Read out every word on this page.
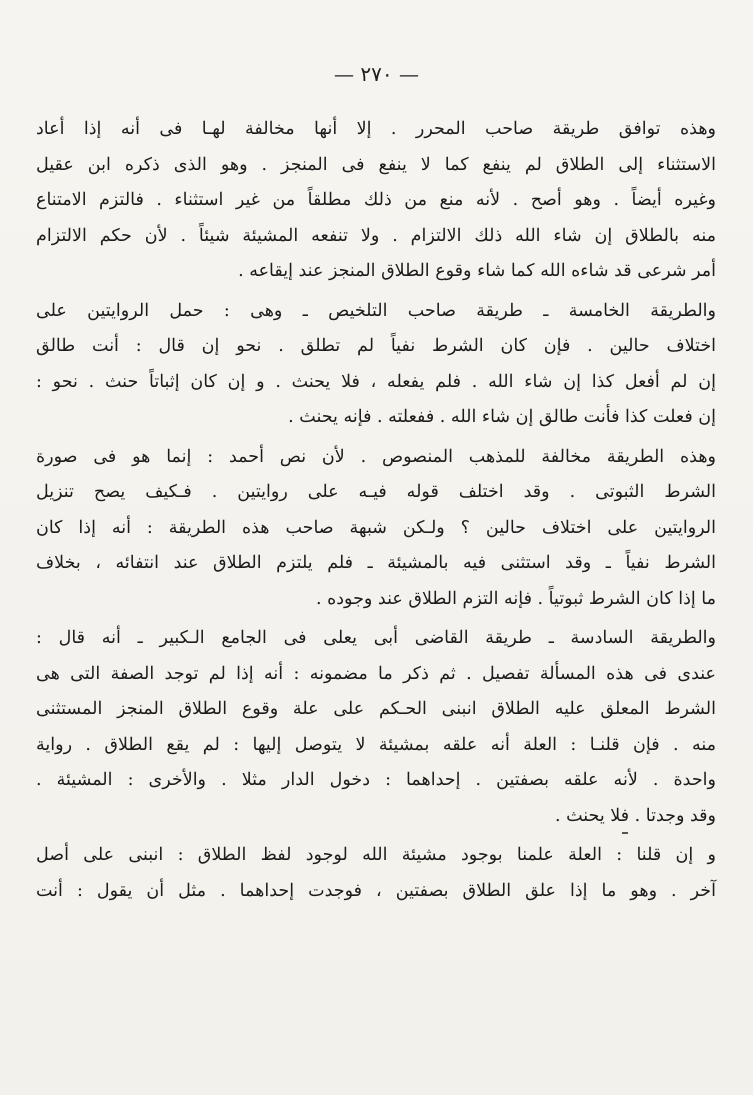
— ٢٧٠ —
وهذه توافق طريقة صاحب المحرر . إلا أنها مخالفة لهـا فى أنه إذا أعاد
الاستثناء إلى الطلاق لم ينفع كما لا ينفع فى المنجز . وهو الذى ذكره ابن عقيل
وغيره أيضاً . وهو أصح . لأنه منع من ذلك مطلقاً من غير استثناء . فالتزم الامتناع
منه بالطلاق إن شاء الله ذلك الالتزام . ولا تنفعه المشيئة شيئاً . لأن حكم الالتزام
أمر شرعى قد شاءه الله كما شاء وقوع الطلاق المنجز عند إيقاعه .
والطريقة الخامسة ـ طريقة صاحب التلخيص ـ وهى : حمل الروايتين على
اختلاف حالين . فإن كان الشرط نفياً لم تطلق . نحو إن قال : أنت طالق
إن لم أفعل كذا إن شاء الله . فلم يفعله ، فلا يحنث . و إن كان إثباتاً حنث . نحو :
إن فعلت كذا فأنت طالق إن شاء الله . ففعلته . فإنه يحنث .
وهذه الطريقة مخالفة للمذهب المنصوص . لأن نص أحمد : إنما هو فى صورة
الشرط الثبوتى . وقد اختلف قوله فيـه على روايتين . فـكيف يصح تنزيل
الروايتين على اختلاف حالين ؟ ولـكن شبهة صاحب هذه الطريقة : أنه إذا كان
الشرط نفياً ـ وقد استثنى فيه بالمشيئة ـ فلم يلتزم الطلاق عند انتفائه ، بخلاف
ما إذا كان الشرط ثبوتياً . فإنه التزم الطلاق عند وجوده .
والطريقة السادسة ـ طريقة القاضى أبى يعلى فى الجامع الـكبير ـ أنه قال :
عندى فى هذه المسألة تفصيل . ثم ذكر ما مضمونه : أنه إذا لم توجد الصفة التى هى
الشرط المعلق عليه الطلاق انبنى الحـكم على علة وقوع الطلاق المنجز المستثنى
منه . فإن قلنـا : العلة أنه علقه بمشيئة لا يتوصل إليها : لم يقع الطلاق . رواية
واحدة . لأنه علقه بصفتين . إحداهما : دخول الدار مثلا . والأخرى : المشيئة .
وقد وجدتا . فلا يحنث .
و إن قلنا : العلة علمنا بوجود مشيئة الله لوجود لفظ الطلاق : انبنى على أصل
آخر . وهو ما إذا علق الطلاق بصفتين ، فوجدت إحداهما . مثل أن يقول : أنت
